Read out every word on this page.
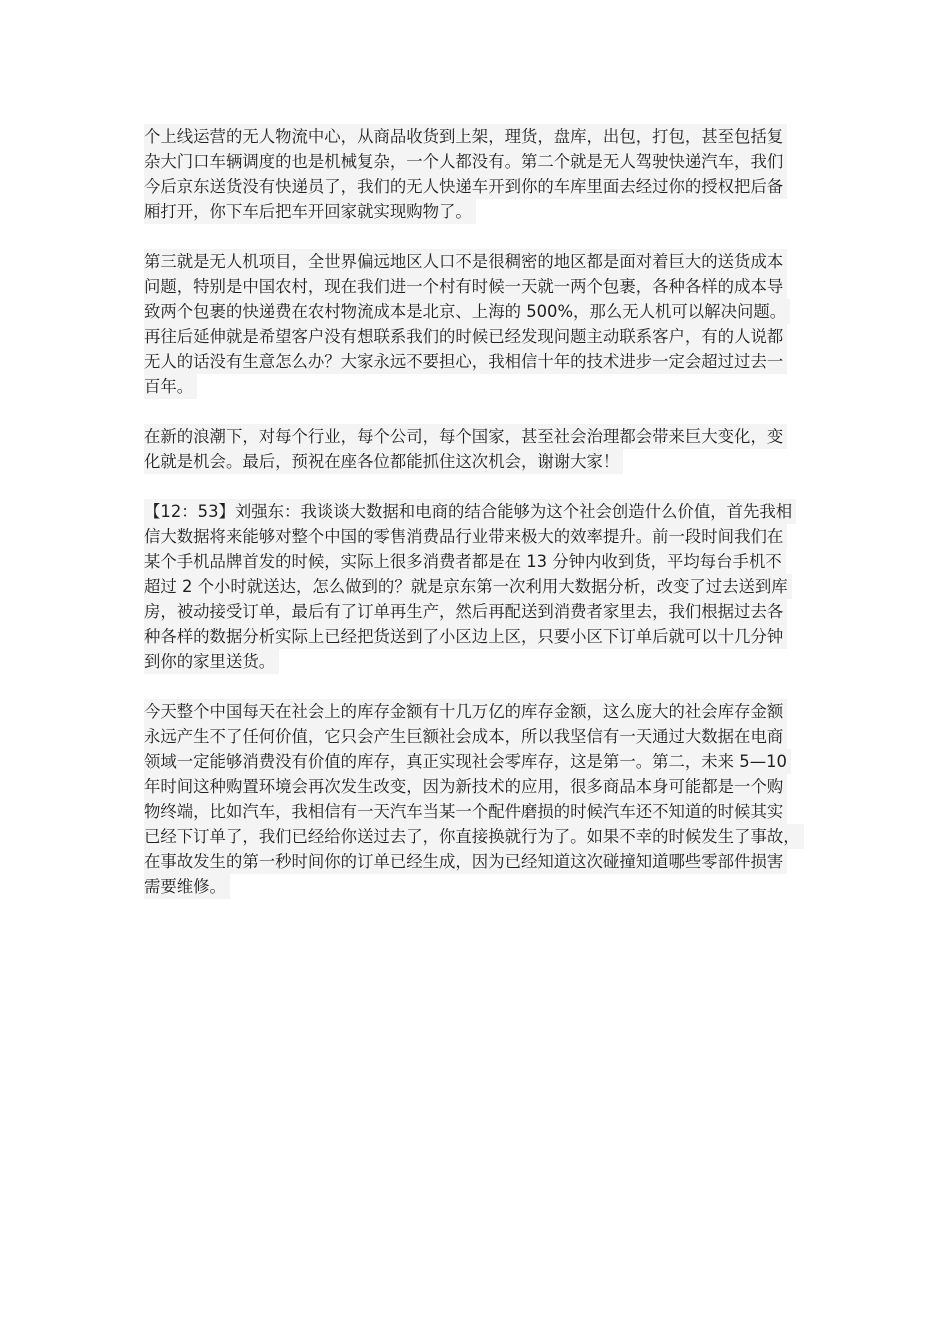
个上线运营的无人物流中心，从商品收货到上架，理货，盘库，出包，打包，甚至包括复
杂大门口车辆调度的也是机械复杂，一个人都没有。第二个就是无人驾驶快递汽车，我们
今后京东送货没有快递员了，我们的无人快递车开到你的车库里面去经过你的授权把后备
厢打开，你下车后把车开回家就实现购物了。
第三就是无人机项目，全世界偏远地区人口不是很稠密的地区都是面对着巨大的送货成本
问题，特别是中国农村，现在我们进一个村有时候一天就一两个包裹，各种各样的成本导
致两个包裹的快递费在农村物流成本是北京、上海的 500%，那么无人机可以解决问题。
再往后延伸就是希望客户没有想联系我们的时候已经发现问题主动联系客户，有的人说都
无人的话没有生意怎么办？大家永远不要担心，我相信十年的技术进步一定会超过过去一
百年。
在新的浪潮下，对每个行业，每个公司，每个国家，甚至社会治理都会带来巨大变化，变
化就是机会。最后，预祝在座各位都能抓住这次机会，谢谢大家！
【12：53】刘强东：我谈谈大数据和电商的结合能够为这个社会创造什么价值，首先我相
信大数据将来能够对整个中国的零售消费品行业带来极大的效率提升。前一段时间我们在
某个手机品牌首发的时候，实际上很多消费者都是在 13 分钟内收到货，平均每台手机不
超过 2 个小时就送达，怎么做到的？就是京东第一次利用大数据分析，改变了过去送到库
房，被动接受订单，最后有了订单再生产，然后再配送到消费者家里去，我们根据过去各
种各样的数据分析实际上已经把货送到了小区边上区，只要小区下订单后就可以十几分钟
到你的家里送货。
今天整个中国每天在社会上的库存金额有十几万亿的库存金额，这么庞大的社会库存金额
永远产生不了任何价值，它只会产生巨额社会成本，所以我坚信有一天通过大数据在电商
领域一定能够消费没有价值的库存，真正实现社会零库存，这是第一。第二，未来 5—10
年时间这种购置环境会再次发生改变，因为新技术的应用，很多商品本身可能都是一个购
物终端，比如汽车，我相信有一天汽车当某一个配件磨损的时候汽车还不知道的时候其实
已经下订单了，我们已经给你送过去了，你直接换就行为了。如果不幸的时候发生了事故，
在事故发生的第一秒时间你的订单已经生成，因为已经知道这次碰撞知道哪些零部件损害
需要维修。
